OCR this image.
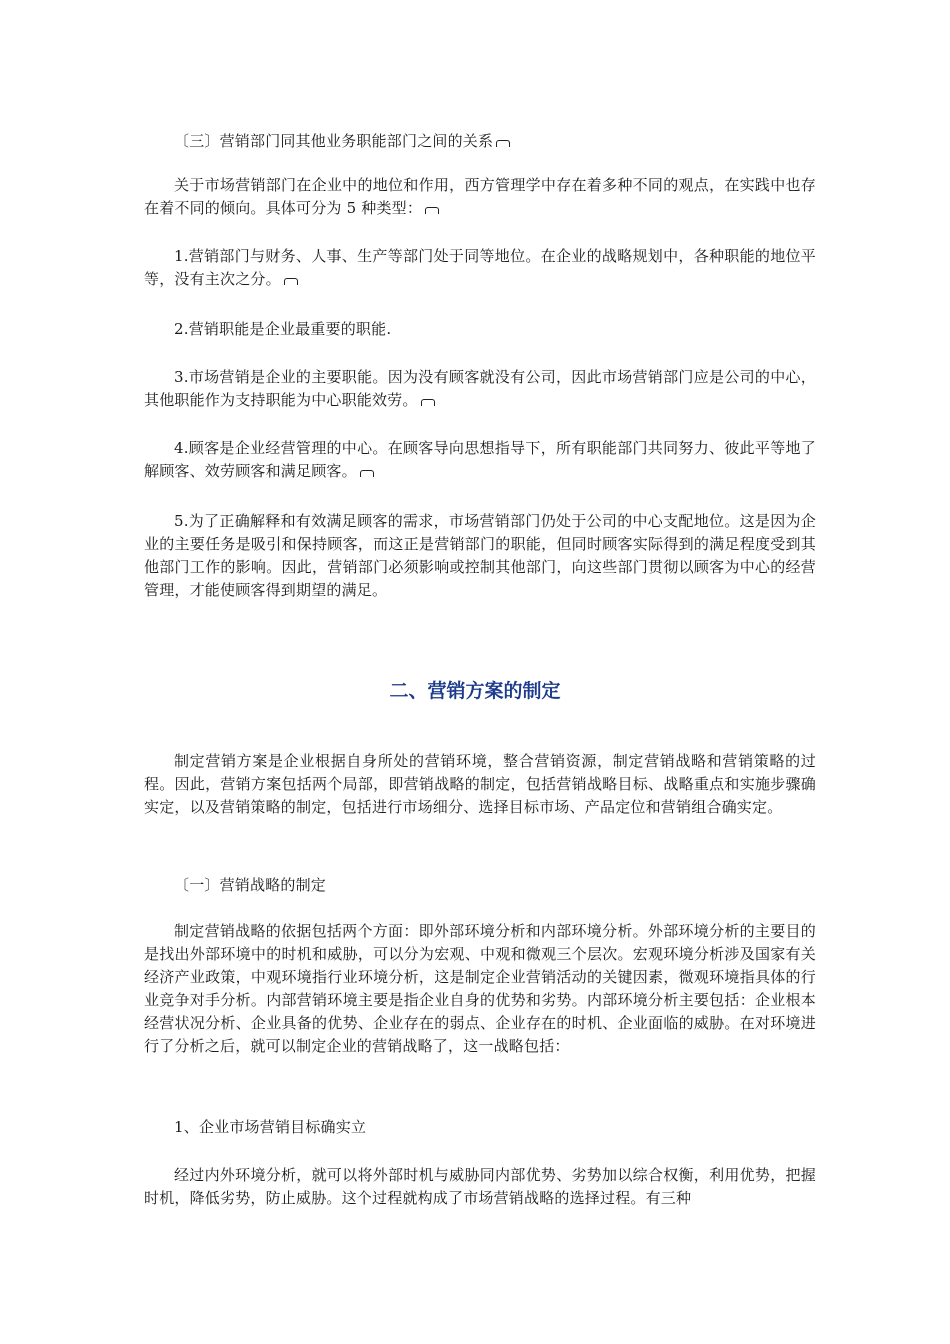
〔三〕营销部门同其他业务职能部门之间的关系

关于市场营销部门在企业中的地位和作用，西方管理学中存在着多种不同的观点，在实践中也存在着不同的倾向。具体可分为 5 种类型：

1.营销部门与财务、人事、生产等部门处于同等地位。在企业的战略规划中，各种职能的地位平等，没有主次之分。

2.营销职能是企业最重要的职能.

3.市场营销是企业的主要职能。因为没有顾客就没有公司，因此市场营销部门应是公司的中心，其他职能作为支持职能为中心职能效劳。

4.顾客是企业经营管理的中心。在顾客导向思想指导下，所有职能部门共同努力、彼此平等地了解顾客、效劳顾客和满足顾客。

5.为了正确解释和有效满足顾客的需求，市场营销部门仍处于公司的中心支配地位。这是因为企业的主要任务是吸引和保持顾客，而这正是营销部门的职能，但同时顾客实际得到的满足程度受到其他部门工作的影响。因此，营销部门必须影响或控制其他部门，向这些部门贯彻以顾客为中心的经营管理，才能使顾客得到期望的满足。

二、营销方案的制定

制定营销方案是企业根据自身所处的营销环境，整合营销资源，制定营销战略和营销策略的过程。因此，营销方案包括两个局部，即营销战略的制定，包括营销战略目标、战略重点和实施步骤确实定，以及营销策略的制定，包括进行市场细分、选择目标市场、产品定位和营销组合确实定。

〔一〕营销战略的制定

制定营销战略的依据包括两个方面：即外部环境分析和内部环境分析。外部环境分析的主要目的是找出外部环境中的时机和威胁，可以分为宏观、中观和微观三个层次。宏观环境分析涉及国家有关经济产业政策，中观环境指行业环境分析，这是制定企业营销活动的关键因素，微观环境指具体的行业竞争对手分析。内部营销环境主要是指企业自身的优势和劣势。内部环境分析主要包括：企业根本经营状况分析、企业具备的优势、企业存在的弱点、企业存在的时机、企业面临的威胁。在对环境进行了分析之后，就可以制定企业的营销战略了，这一战略包括：

1、企业市场营销目标确实立

经过内外环境分析，就可以将外部时机与威胁同内部优势、劣势加以综合权衡，利用优势，把握时机，降低劣势，防止威胁。这个过程就构成了市场营销战略的选择过程。有三种
